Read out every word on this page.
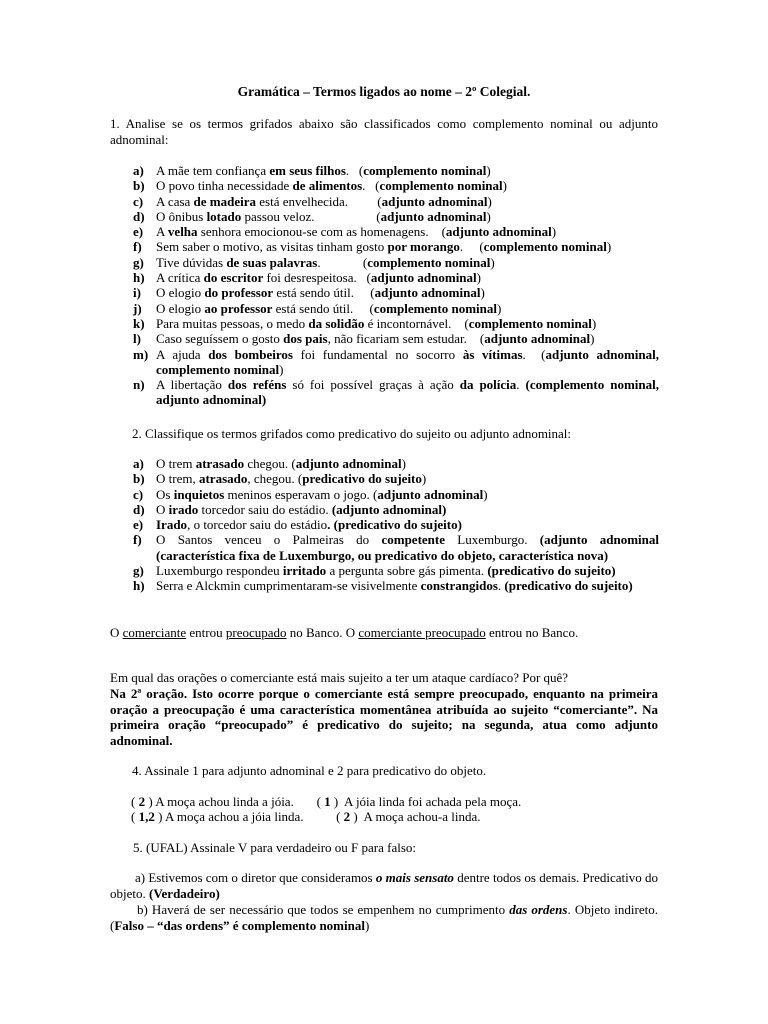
Gramática – Termos ligados ao nome – 2º Colegial.
1. Analise se os termos grifados abaixo são classificados como complemento nominal ou adjunto adnominal:
a) A mãe tem confiança em seus filhos.   (complemento nominal)
b) O povo tinha necessidade de alimentos.   (complemento nominal)
c) A casa de madeira está envelhecida.         (adjunto adnominal)
d) O ônibus lotado passou veloz.                   (adjunto adnominal)
e) A velha senhora emocionou-se com as homenagens.    (adjunto adnominal)
f)	Sem saber o motivo, as visitas tinham gosto por morango.     (complemento nominal)
g) Tive dúvidas de suas palavras.             (complemento nominal)
h) A crítica do escritor foi desrespeitosa.   (adjunto adnominal)
i)	O elogio do professor está sendo útil.     (adjunto adnominal)
j)	O elogio ao professor está sendo útil.     (complemento nominal)
k) Para muitas pessoas, o medo da solidão é incontornável.    (complemento nominal)
l)	Caso seguíssem o gosto dos pais, não ficariam sem estudar.    (adjunto adnominal)
m) A ajuda dos bombeiros foi fundamental no socorro às vítimas.  (adjunto adnominal, complemento nominal)
n) A libertação dos reféns só foi possível graças à ação da polícia. (complemento nominal,  adjunto adnominal)
2. Classifique os termos grifados como predicativo do sujeito ou adjunto adnominal:
a) O trem atrasado chegou. (adjunto adnominal)
b) O trem, atrasado, chegou. (predicativo do sujeito)
c) Os inquietos meninos esperavam o jogo. (adjunto adnominal)
d) O irado torcedor saiu do estádio. (adjunto adnominal)
e) Irado, o torcedor saiu do estádio. (predicativo do sujeito)
f)	O Santos venceu o Palmeiras do competente Luxemburgo. (adjunto adnominal (característica fixa de Luxemburgo, ou predicativo do objeto, característica nova)
g) Luxemburgo respondeu irritado a pergunta sobre gás pimenta. (predicativo do sujeito)
h) Serra e Alckmin cumprimentaram-se visivelmente constrangidos. (predicativo do sujeito)
O comerciante entrou preocupado no Banco. O comerciante preocupado entrou no Banco.
Em qual das orações o comerciante está mais sujeito a ter um ataque cardíaco? Por quê?
Na 2ª oração. Isto ocorre porque o comerciante está sempre preocupado, enquanto na primeira oração a preocupação é uma característica momentânea atribuída ao sujeito “comerciante”. Na primeira oração “preocupado” é predicativo do sujeito; na segunda, atua como adjunto adnominal.
4. Assinale 1 para adjunto adnominal e 2 para predicativo do objeto.
( 2 ) A moça achou linda a jóia.       ( 1 )  A jóia linda foi achada pela moça.
( 1,2 ) A moça achou a jóia linda.          ( 2 )  A moça achou-a linda.
5. (UFAL) Assinale V para verdadeiro ou F para falso:
a) Estivemos com o diretor que consideramos o mais sensato dentre todos os demais. Predicativo do objeto. (Verdadeiro)
b) Haverá de ser necessário que todos se empenhem no cumprimento das ordens. Objeto indireto. (Falso – “das ordens” é complemento nominal)
